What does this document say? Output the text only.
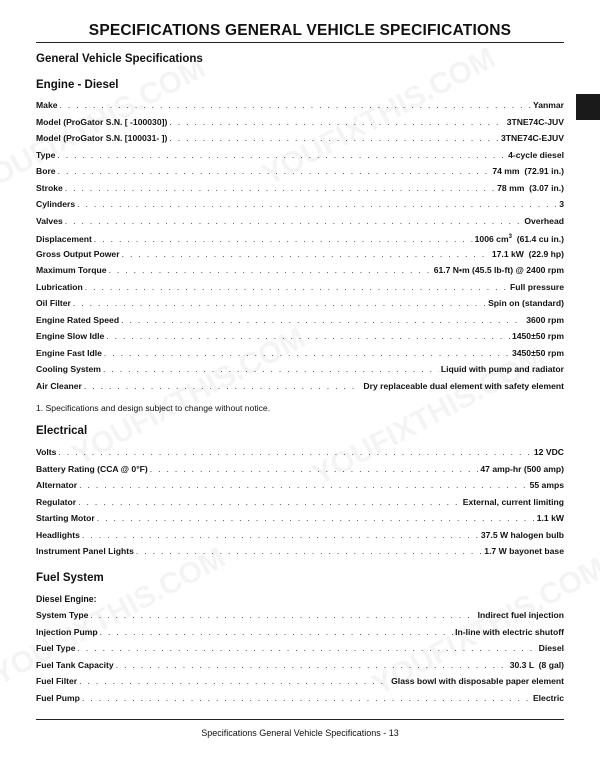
SPECIFICATIONS GENERAL VEHICLE SPECIFICATIONS
General Vehicle Specifications
Engine - Diesel
Make . . .	Yanmar
Model (ProGator S.N. [ -100030]) . . .	3TNE74C-JUV
Model (ProGator S.N. [100031- ]) . . .	3TNE74C-EJUV
Type . . .	4-cycle diesel
Bore . . .	74 mm  (72.91 in.)
Stroke . . .	78 mm  (3.07 in.)
Cylinders . . .	3
Valves . . .	Overhead
Displacement . . .	1006 $cm^3$  (61.4 cu in.)
Gross Output Power . . .	17.1 kW  (22.9 hp)
Maximum Torque . . .	61.7 N•m (45.5 lb-ft) @ 2400 rpm
Lubrication . . .	Full pressure
Oil Filter . . .	Spin on (standard)
Engine Rated Speed . . .	3600 rpm
Engine Slow Idle . . .	1450±50 rpm
Engine Fast Idle . . .	3450±50 rpm
Cooling System . . .	Liquid with pump and radiator
Air Cleaner . . .	Dry replaceable dual element with safety element
1. Specifications and design subject to change without notice.
Electrical
Volts . . .	12 VDC
Battery Rating (CCA @ 0°F) . . .	47 amp-hr (500 amp)
Alternator . . .	55 amps
Regulator . . .	External, current limiting
Starting Motor . . .	1.1 kW
Headlights . . .	37.5 W halogen bulb
Instrument Panel Lights . . .	1.7 W bayonet base
Fuel System
Diesel Engine:
System Type . . .	Indirect fuel injection
Injection Pump . . .	In-line with electric shutoff
Fuel Type . . .	Diesel
Fuel Tank Capacity . . .	30.3 L  (8 gal)
Fuel Filter . . .	Glass bowl with disposable paper element
Fuel Pump . . .	Electric
Specifications General Vehicle Specifications - 13
